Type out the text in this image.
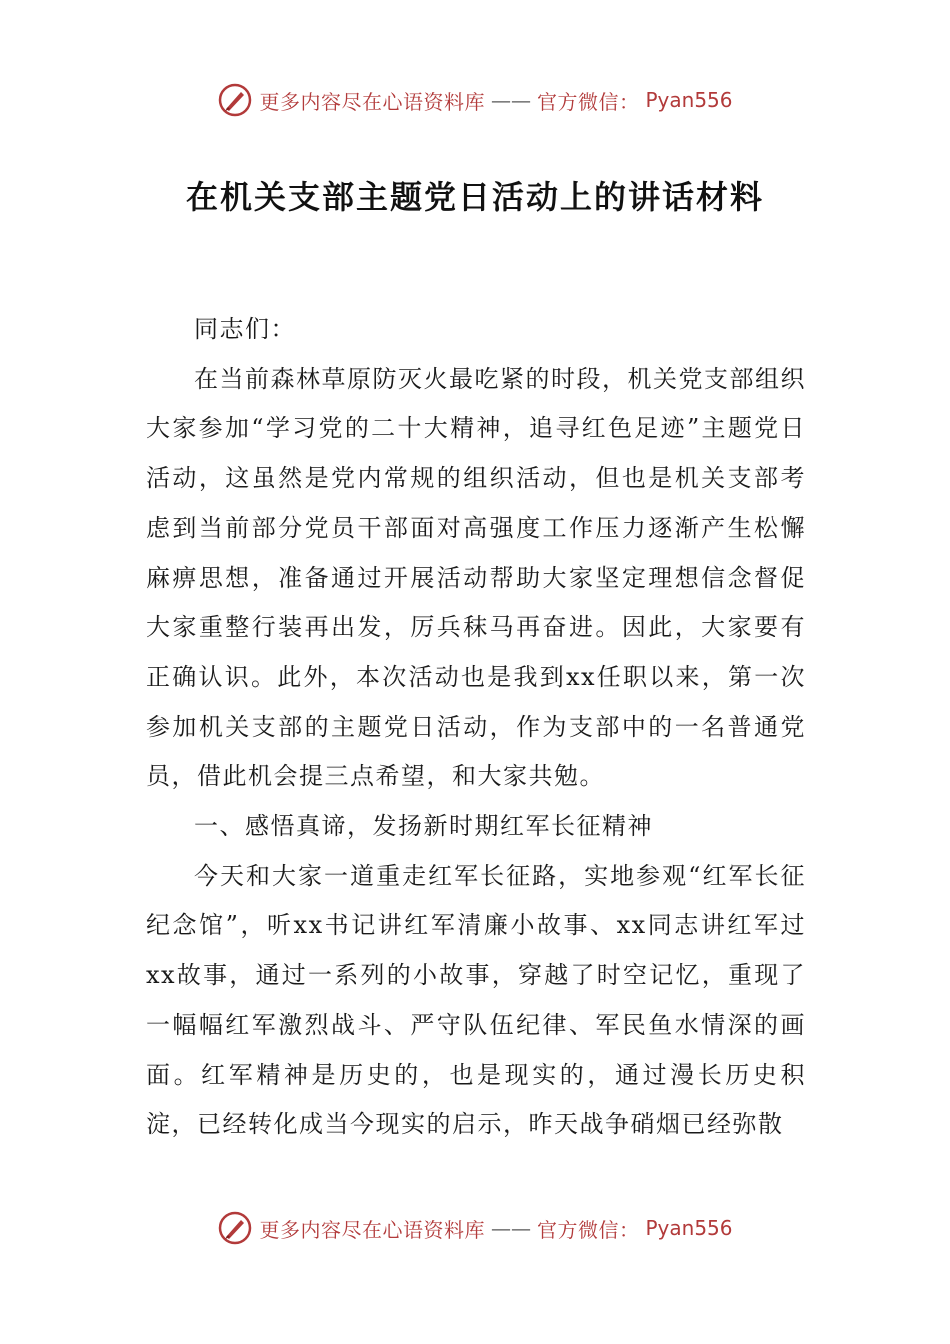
更多内容尽在心语资料库 —— 官方微信： Pyan556
在机关支部主题党日活动上的讲话材料

同志们：

在当前森林草原防灭火最吃紧的时段，机关党支部组织大家参加“学习党的二十大精神，追寻红色足迹”主题党日活动，这虽然是党内常规的组织活动，但也是机关支部考虑到当前部分党员干部面对高强度工作压力逐渐产生松懈麻痹思想，准备通过开展活动帮助大家坚定理想信念督促大家重整行装再出发，厉兵秣马再奋进。因此，大家要有正确认识。此外，本次活动也是我到xx任职以来，第一次参加机关支部的主题党日活动，作为支部中的一名普通党员，借此机会提三点希望，和大家共勉。

一、感悟真谛，发扬新时期红军长征精神

今天和大家一道重走红军长征路，实地参观“红军长征纪念馆”，听xx书记讲红军清廉小故事、xx同志讲红军过xx故事，通过一系列的小故事，穿越了时空记忆，重现了一幅幅红军激烈战斗、严守队伍纪律、军民鱼水情深的画面。红军精神是历史的，也是现实的，通过漫长历史积淀，已经转化成当今现实的启示，昨天战争硝烟已经弥散

更多内容尽在心语资料库 —— 官方微信： Pyan556
